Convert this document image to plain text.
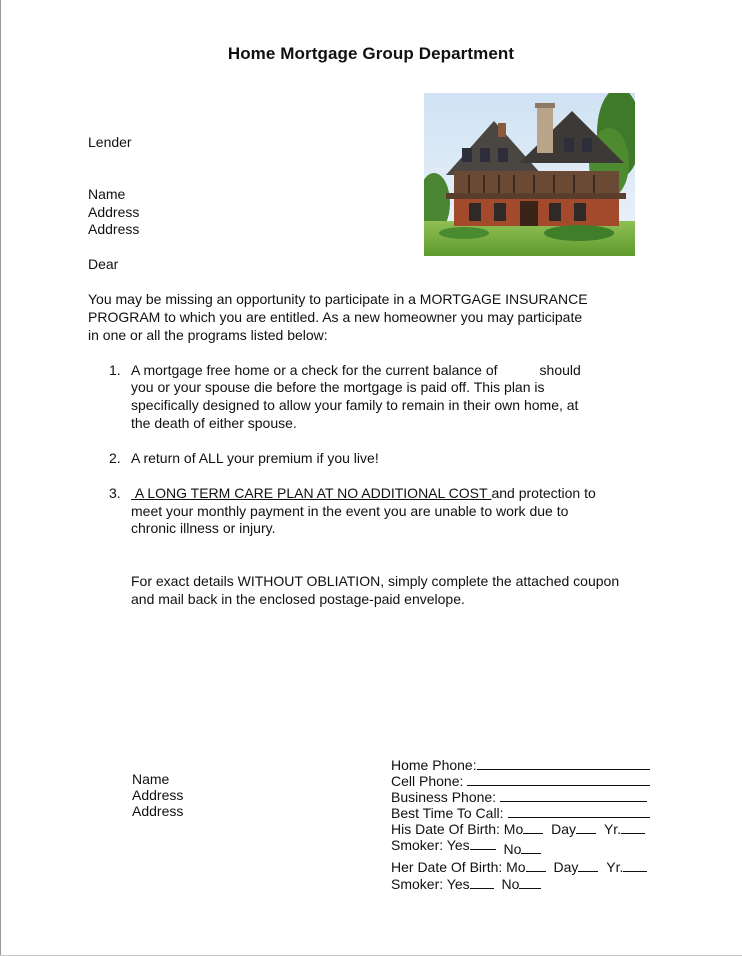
Home Mortgage Group Department
Lender
Name
Address
Address
Dear
You may be missing an opportunity to participate in a MORTGAGE INSURANCE
PROGRAM to which you are entitled. As a new homeowner you may participate
in one or all the programs listed below:
1. A mortgage free home or a check for the current balance of	should
you or your spouse die before the mortgage is paid off. This plan is
specifically designed to allow your family to remain in their own home, at
the death of either spouse.
2. A return of ALL your premium if you live!
3. A LONG TERM CARE PLAN AT NO ADDITIONAL COST and protection to
meet your monthly payment in the event you are unable to work due to
chronic illness or injury.
For exact details WITHOUT OBLIATION, simply complete the attached coupon
and mail back in the enclosed postage-paid envelope.
Name
Address
Address
Home Phone:
Cell Phone:
Business Phone:
Best Time To Call:
His Date Of Birth: Mo Day Yr.
Smoker: Yes No
Her Date Of Birth: Mo Day Yr.
Smoker: Yes No
